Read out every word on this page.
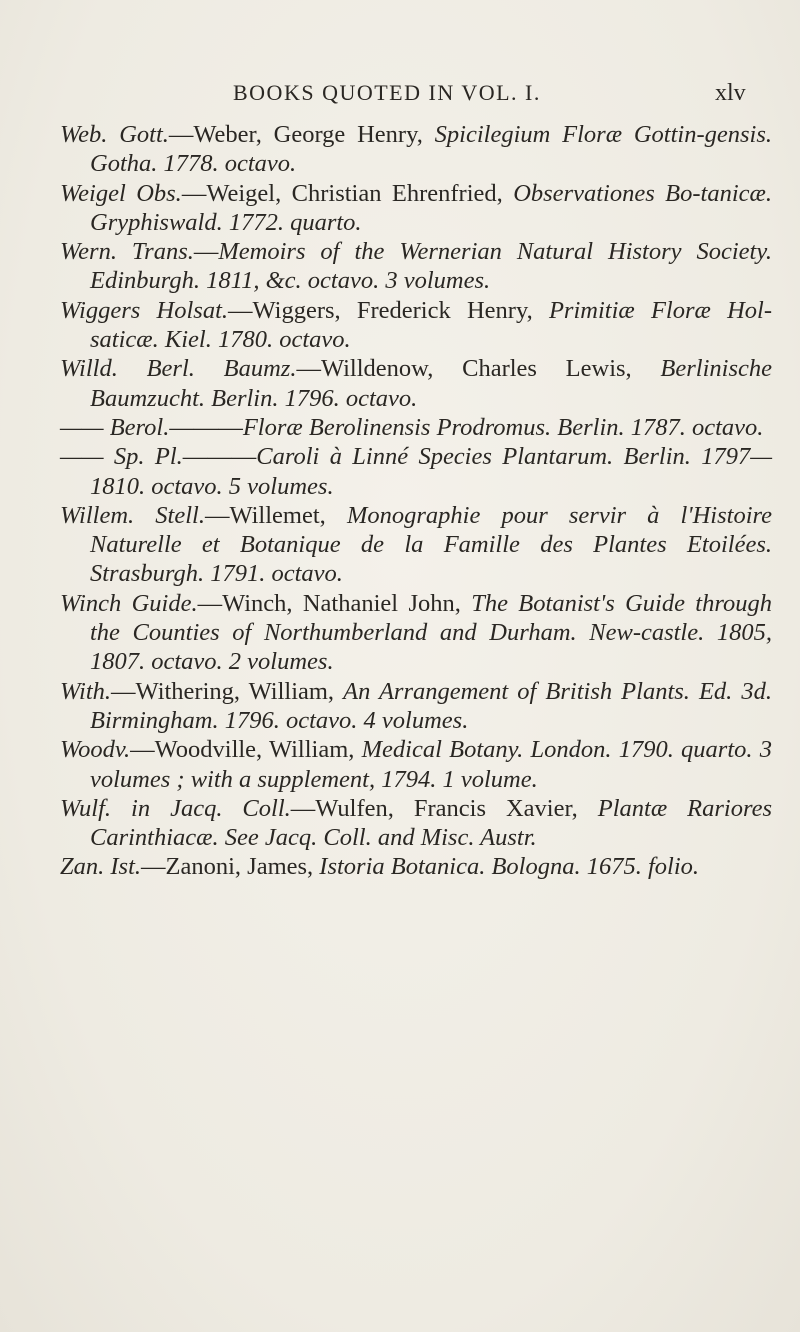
BOOKS QUOTED IN VOL. I.	xlv
Web. Gott.—Weber, George Henry, Spicilegium Floræ Gottin-gensis. Gotha. 1778. octavo.
Weigel Obs.—Weigel, Christian Ehrenfried, Observationes Bo-tanicæ. Gryphiswald. 1772. quarto.
Wern. Trans.—Memoirs of the Wernerian Natural History Society. Edinburgh. 1811, &c. octavo. 3 volumes.
Wiggers Holsat.—Wiggers, Frederick Henry, Primitiæ Floræ Hol-saticæ. Kiel. 1780. octavo.
Willd. Berl. Baumz.—Willdenow, Charles Lewis, Berlinische Baumzucht. Berlin. 1796. octavo.
—— Berol.———Floræ Berolinensis Prodromus. Berlin. 1787. octavo.
—— Sp. Pl.———Caroli à Linné Species Plantarum. Berlin. 1797—1810. octavo. 5 volumes.
Willem. Stell.—Willemet, Monographie pour servir à l'Histoire Naturelle et Botanique de la Famille des Plantes Etoilées. Strasburgh. 1791. octavo.
Winch Guide.—Winch, Nathaniel John, The Botanist's Guide through the Counties of Northumberland and Durham. New-castle. 1805, 1807. octavo. 2 volumes.
With.—Withering, William, An Arrangement of British Plants. Ed. 3d. Birmingham. 1796. octavo. 4 volumes.
Woodv.—Woodville, William, Medical Botany. London. 1790. quarto. 3 volumes ; with a supplement, 1794. 1 volume.
Wulf. in Jacq. Coll.—Wulfen, Francis Xavier, Plantæ Rariores Carinthiacæ. See Jacq. Coll. and Misc. Austr.
Zan. Ist.—Zanoni, James, Istoria Botanica. Bologna. 1675. folio.
